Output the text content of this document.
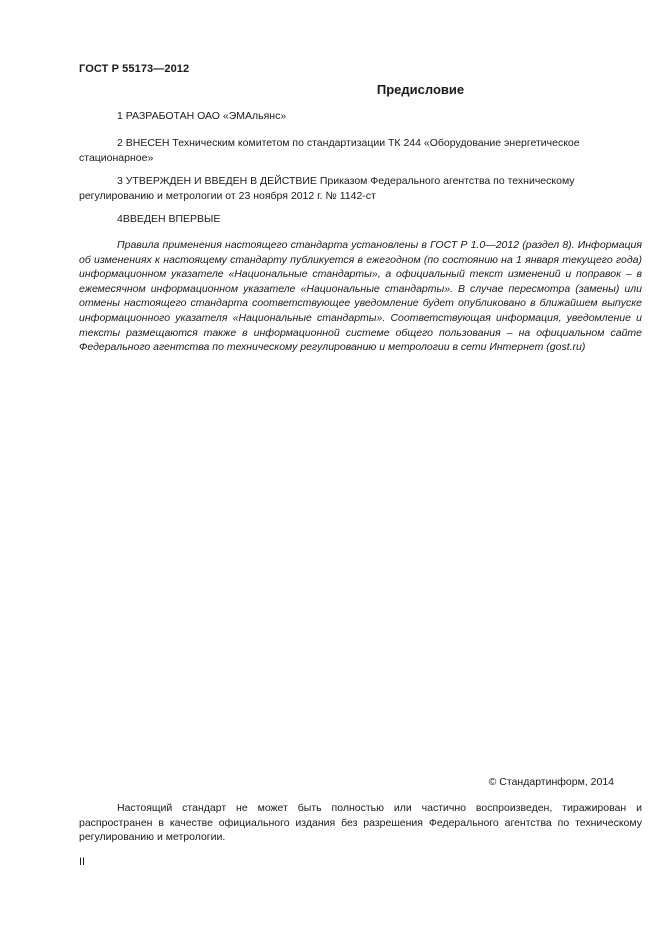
ГОСТ Р 55173—2012
Предисловие
1 РАЗРАБОТАН ОАО «ЭМАльянс»
2 ВНЕСЕН Техническим комитетом по стандартизации ТК 244 «Оборудование энергетическое стационарное»
3 УТВЕРЖДЕН И ВВЕДЕН В ДЕЙСТВИЕ Приказом Федерального агентства по техническому регулированию и метрологии от 23 ноября 2012 г. № 1142-ст
4ВВЕДЕН ВПЕРВЫЕ
Правила применения настоящего стандарта установлены в ГОСТ Р 1.0—2012 (раздел 8). Информация об изменениях к настоящему стандарту публикуется в ежегодном (по состоянию на 1 января текущего года) информационном указателе «Национальные стандарты», а официальный текст изменений и поправок – в ежемесячном информационном указателе «Национальные стандарты». В случае пересмотра (замены) или отмены настоящего стандарта соответствующее уведомление будет опубликовано в ближайшем выпуске информационного указателя «Национальные стандарты». Соответствующая информация, уведомление и тексты размещаются также в информационной системе общего пользования – на официальном сайте Федерального агентства по техническому регулированию и метрологии в сети Интернет (gost.ru)
© Стандартинформ, 2014
Настоящий стандарт не может быть полностью или частично воспроизведен, тиражирован и распространен в качестве официального издания без разрешения Федерального агентства по техническому регулированию и метрологии.
II
